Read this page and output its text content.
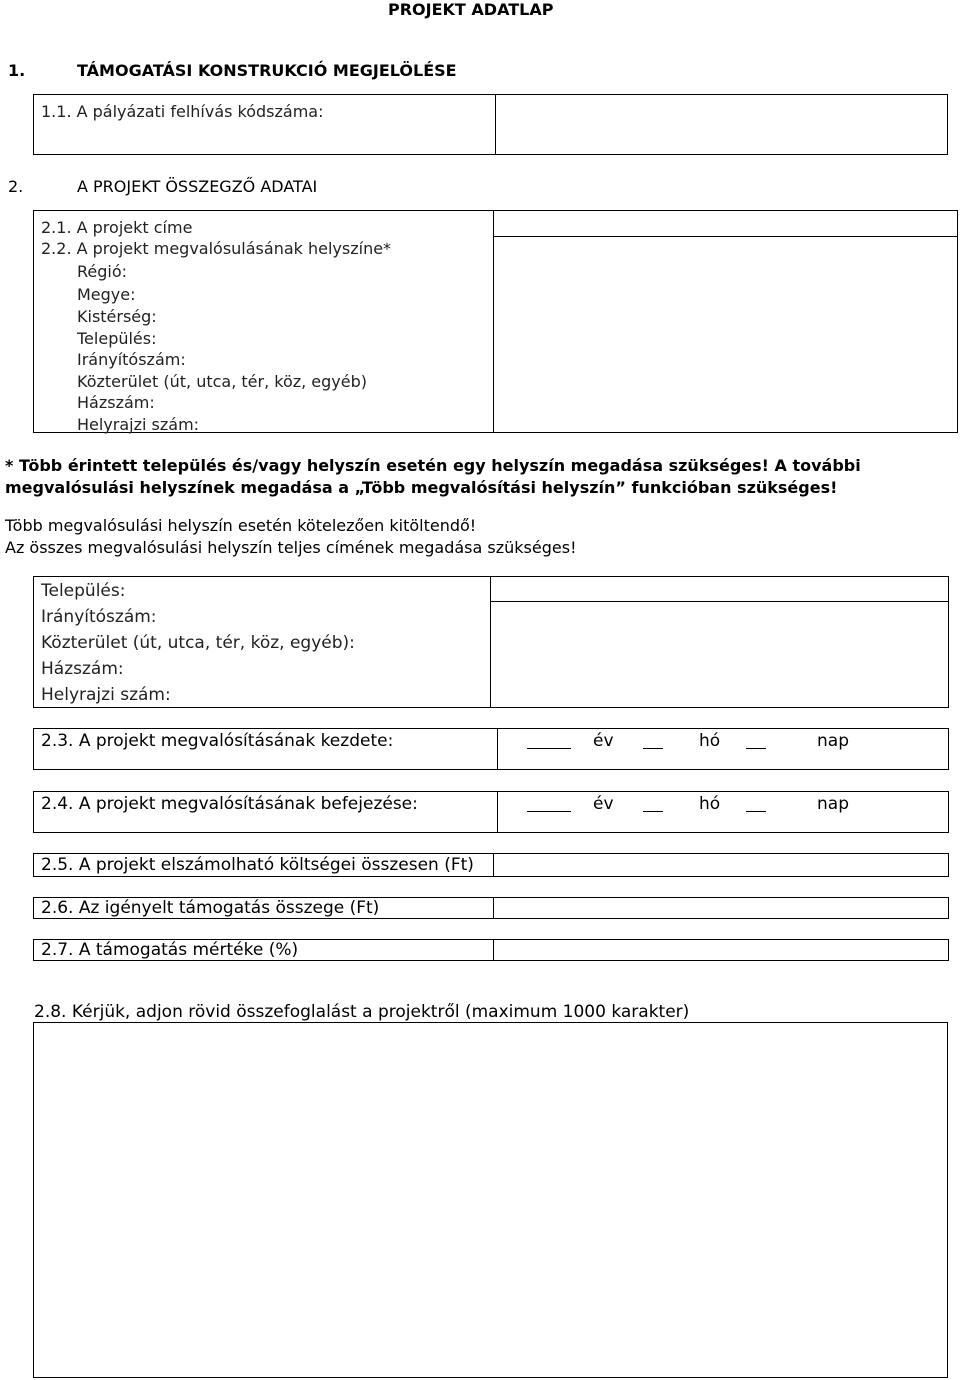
PROJEKT ADATLAP
1.	TÁMOGATÁSI KONSTRUKCIÓ MEGJELÖLÉSE
1.1. A pályázati felhívás kódszáma:
2.	A PROJEKT ÖSSZEGZŐ ADATAI
2.1. A projekt címe
2.2. A projekt megvalósulásának helyszíne*
Régió:
Megye:
Kistérség:
Település:
Irányítószám:
Közterület (út, utca, tér, köz, egyéb)
Házszám:
Helyrajzi szám:
* Több érintett település és/vagy helyszín esetén egy helyszín megadása szükséges! A további
megvalósulási helyszínek megadása a „Több megvalósítási helyszín” funkcióban szükséges!
Több megvalósulási helyszín esetén kötelezően kitöltendő!
Az összes megvalósulási helyszín teljes címének megadása szükséges!
Település:
Irányítószám:
Közterület (út, utca, tér, köz, egyéb):
Házszám:
Helyrajzi szám:
2.3. A projekt megvalósításának kezdete:	év	hó	nap
2.4. A projekt megvalósításának befejezése:	év	hó	nap
2.5. A projekt elszámolható költségei összesen (Ft)
2.6. Az igényelt támogatás összege (Ft)
2.7. A támogatás mértéke (%)
2.8. Kérjük, adjon rövid összefoglalást a projektről (maximum 1000 karakter)
